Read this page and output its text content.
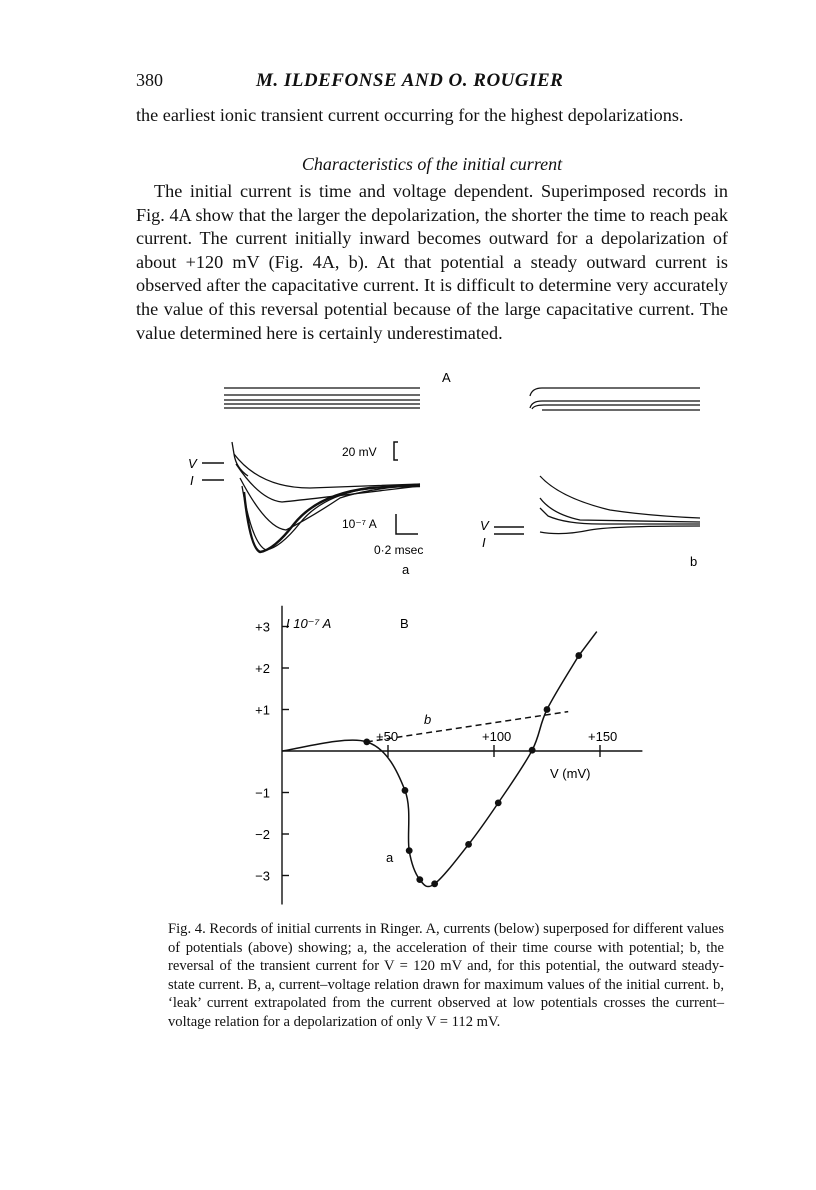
380	M. ILDEFONSE AND O. ROUGIER
the earliest ionic transient current occurring for the highest depolarizations.
Characteristics of the initial current
The initial current is time and voltage dependent. Superimposed records in Fig. 4A show that the larger the depolarization, the shorter the time to reach peak current. The current initially inward becomes outward for a depolarization of about +120 mV (Fig. 4A, b). At that potential a steady outward current is observed after the capacitative current. It is difficult to determine very accurately the value of this reversal potential because of the large capacitative current. The value determined here is certainly underestimated.
A
V
I
20 mV
10⁻⁷ A
0·2 msec
a
V
I
b
+3
+2
+1
−1
−2
−3
+50	+100	+150
B
I 10⁻⁷ A
V (mV)
a
b
Fig. 4. Records of initial currents in Ringer. A, currents (below) superposed for different values of potentials (above) showing; a, the acceleration of their time course with potential; b, the reversal of the transient current for V = 120 mV and, for this potential, the outward steady-state current. B, a, current–voltage relation drawn for maximum values of the initial current. b, ‘leak’ current extrapolated from the current observed at low potentials crosses the current–voltage relation for a depolarization of only V = 112 mV.
